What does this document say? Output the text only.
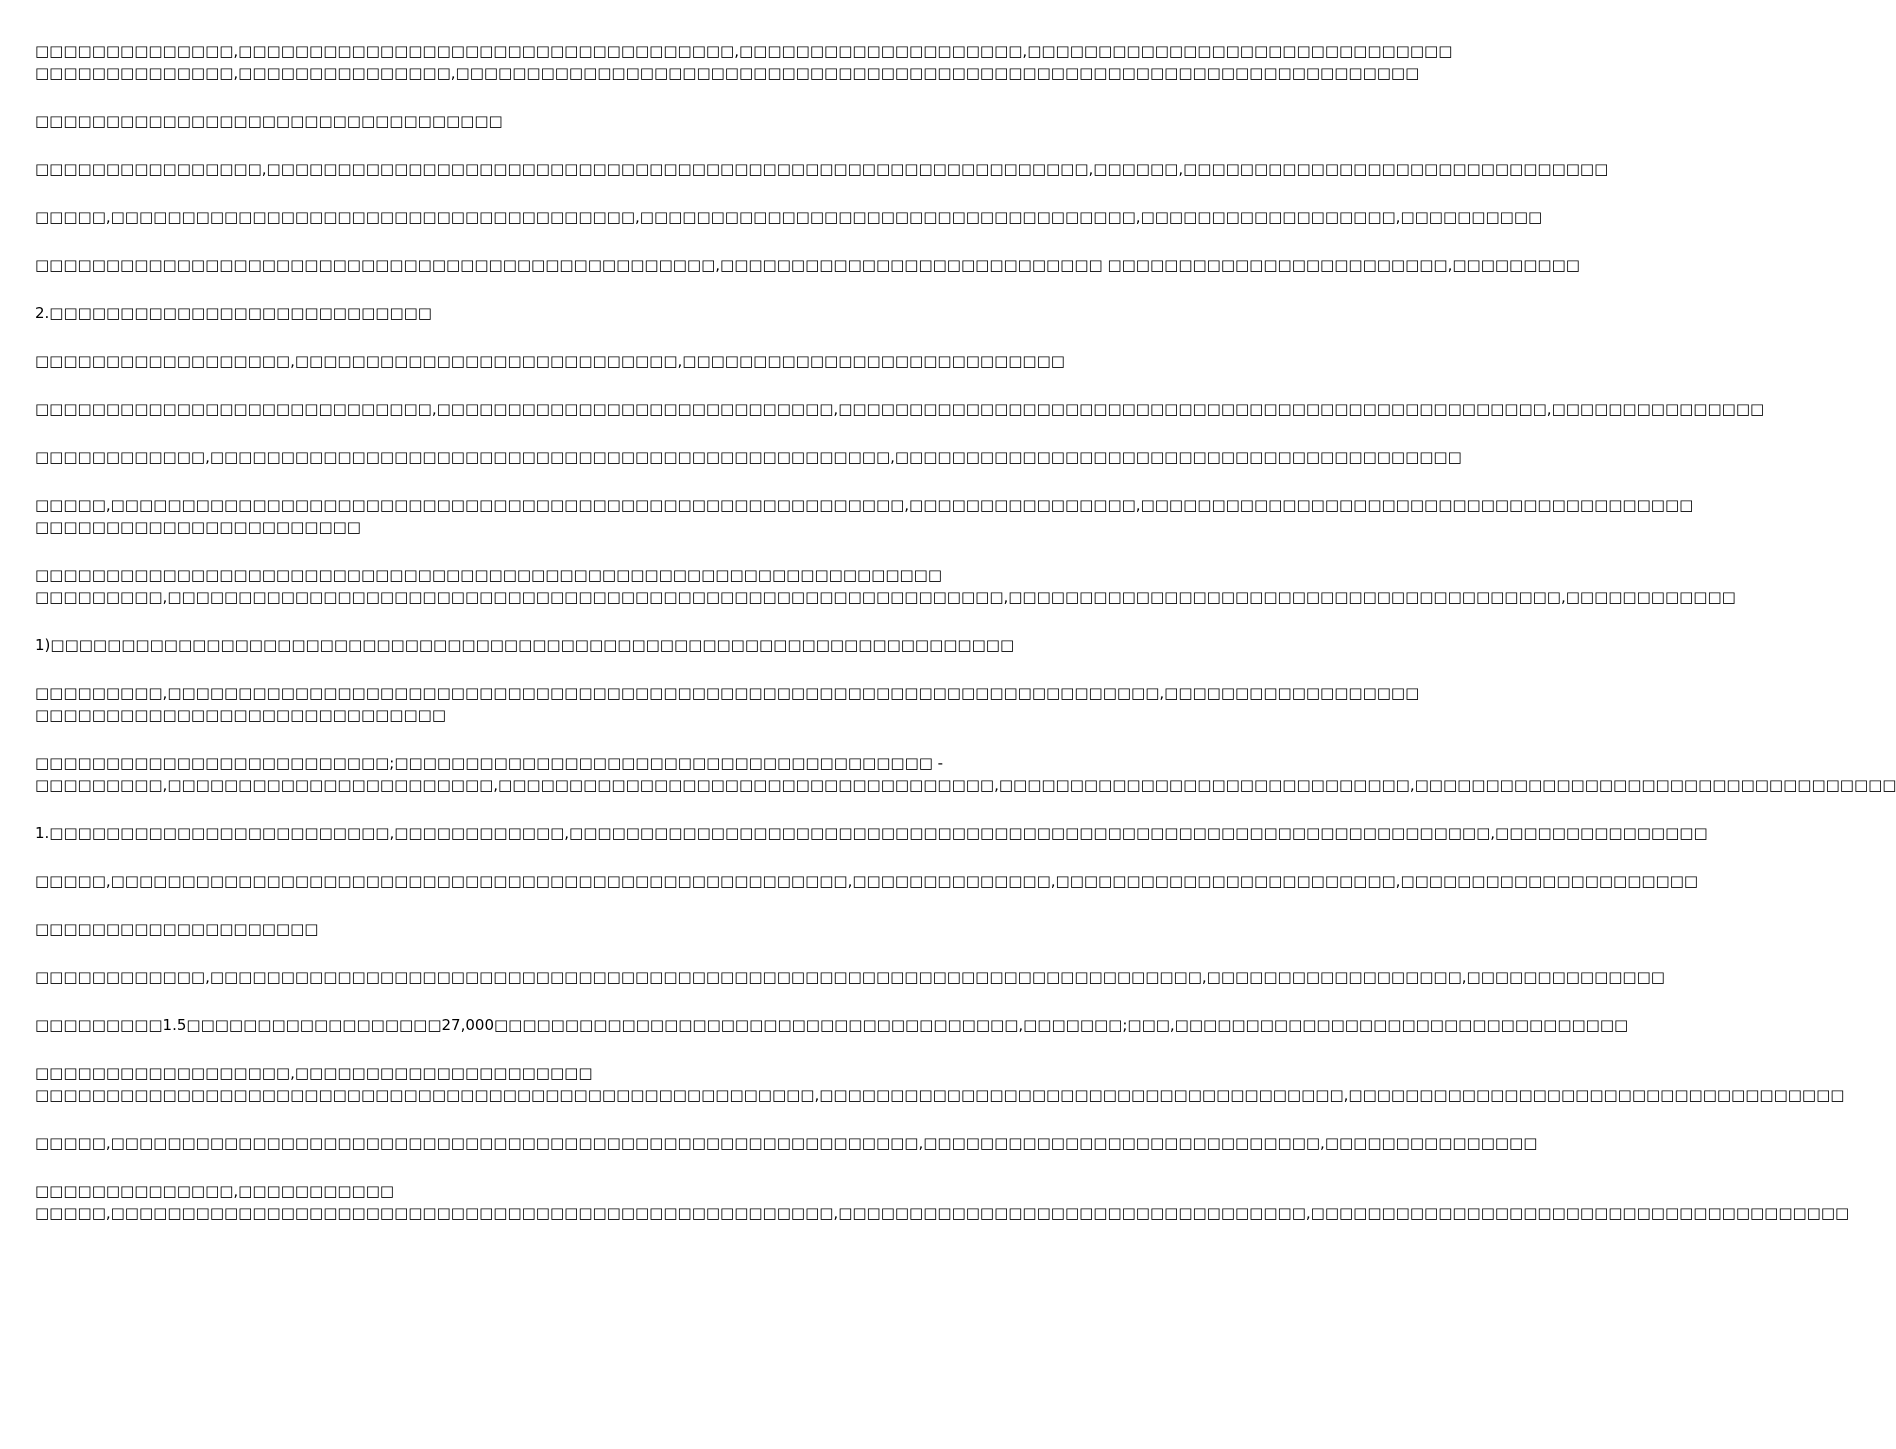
□□□□□□□□□□□□□□,□□□□□□□□□□□□□□□□□□□□□□□□□□□□□□□□□□□,□□□□□□□□□□□□□□□□□□□□,□□□□□□□□□□□□□□□□□□□□□□□□□□□□□□
□□□□□□□□□□□□□□,□□□□□□□□□□□□□□□,□□□□□□□□□□□□□□□□□□□□□□□□□□□□□□□□□□□□□□□□□□□□□□□□□□□□□□□□□□□□□□□□□□□□
□□□□□□□□□□□□□□□□□□□□□□□□□□□□□□□□□
□□□□□□□□□□□□□□□□,□□□□□□□□□□□□□□□□□□□□□□□□□□□□□□□□□□□□□□□□□□□□□□□□□□□□□□□□□□,□□□□□□,□□□□□□□□□□□□□□□□□□□□□□□□□□□□□□
□□□□□,□□□□□□□□□□□□□□□□□□□□□□□□□□□□□□□□□□□□□,□□□□□□□□□□□□□□□□□□□□□□□□□□□□□□□□□□□,□□□□□□□□□□□□□□□□□□,□□□□□□□□□□
□□□□□□□□□□□□□□□□□□□□□□□□□□□□□□□□□□□□□□□□□□□□□□□□,□□□□□□□□□□□□□□□□□□□□□□□□□□□ □□□□□□□□□□□□□□□□□□□□□□□□,□□□□□□□□□
2.□□□□□□□□□□□□□□□□□□□□□□□□□□□
□□□□□□□□□□□□□□□□□□,□□□□□□□□□□□□□□□□□□□□□□□□□□□,□□□□□□□□□□□□□□□□□□□□□□□□□□□
□□□□□□□□□□□□□□□□□□□□□□□□□□□□,□□□□□□□□□□□□□□□□□□□□□□□□□□□□,□□□□□□□□□□□□□□□□□□□□□□□□□□□□□□□□□□□□□□□□□□□□□□□□□□,□□□□□□□□□□□□□□□
□□□□□□□□□□□□,□□□□□□□□□□□□□□□□□□□□□□□□□□□□□□□□□□□□□□□□□□□□□□□□,□□□□□□□□□□□□□□□□□□□□□□□□□□□□□□□□□□□□□□□□
□□□□□,□□□□□□□□□□□□□□□□□□□□□□□□□□□□□□□□□□□□□□□□□□□□□□□□□□□□□□□□,□□□□□□□□□□□□□□□□,□□□□□□□□□□□□□□□□□□□□□□□□□□□□□□□□□□□□□□□
□□□□□□□□□□□□□□□□□□□□□□□
□□□□□□□□□□□□□□□□□□□□□□□□□□□□□□□□□□□□□□□□□□□□□□□□□□□□□□□□□□□□□□□□
□□□□□□□□□,□□□□□□□□□□□□□□□□□□□□□□□□□□□□□□□□□□□□□□□□□□□□□□□□□□□□□□□□□□□,□□□□□□□□□□□□□□□□□□□□□□□□□□□□□□□□□□□□□□□,□□□□□□□□□□□□
1)□□□□□□□□□□□□□□□□□□□□□□□□□□□□□□□□□□□□□□□□□□□□□□□□□□□□□□□□□□□□□□□□□□□□
□□□□□□□□□,□□□□□□□□□□□□□□□□□□□□□□□□□□□□□□□□□□□□□□□□□□□□□□□□□□□□□□□□□□□□□□□□□□□□□□,□□□□□□□□□□□□□□□□□□
□□□□□□□□□□□□□□□□□□□□□□□□□□□□□
□□□□□□□□□□□□□□□□□□□□□□□□□;□□□□□□□□□□□□□□□□□□□□□□□□□□□□□□□□□□□□□□ -
□□□□□□□□□,□□□□□□□□□□□□□□□□□□□□□□□,□□□□□□□□□□□□□□□□□□□□□□□□□□□□□□□□□□□,□□□□□□□□□□□□□□□□□□□□□□□□□□□□□,□□□□□□□□□□□□□□□□□□□□□□□□□□□□□□□□□□
1.□□□□□□□□□□□□□□□□□□□□□□□□,□□□□□□□□□□□□,□□□□□□□□□□□□□□□□□□□□□□□□□□□□□□□□□□□□□□□□□□□□□□□□□□□□□□□□□□□□□□□□□,□□□□□□□□□□□□□□□
□□□□□,□□□□□□□□□□□□□□□□□□□□□□□□□□□□□□□□□□□□□□□□□□□□□□□□□□□□,□□□□□□□□□□□□□□,□□□□□□□□□□□□□□□□□□□□□□□□,□□□□□□□□□□□□□□□□□□□□□
□□□□□□□□□□□□□□□□□□□□
□□□□□□□□□□□□,□□□□□□□□□□□□□□□□□□□□□□□□□□□□□□□□□□□□□□□□□□□□□□□□□□□□□□□□□□□□□□□□□□□□□□,□□□□□□□□□□□□□□□□□□,□□□□□□□□□□□□□□
□□□□□□□□□1.5□□□□□□□□□□□□□□□□□□27,000□□□□□□□□□□□□□□□□□□□□□□□□□□□□□□□□□□□□□,□□□□□□□;□□□,□□□□□□□□□□□□□□□□□□□□□□□□□□□□□□□□
□□□□□□□□□□□□□□□□□□,□□□□□□□□□□□□□□□□□□□□□
□□□□□□□□□□□□□□□□□□□□□□□□□□□□□□□□□□□□□□□□□□□□□□□□□□□□□□□,□□□□□□□□□□□□□□□□□□□□□□□□□□□□□□□□□□□□□,□□□□□□□□□□□□□□□□□□□□□□□□□□□□□□□□□□□
□□□□□,□□□□□□□□□□□□□□□□□□□□□□□□□□□□□□□□□□□□□□□□□□□□□□□□□□□□□□□□□,□□□□□□□□□□□□□□□□□□□□□□□□□□□□,□□□□□□□□□□□□□□□
□□□□□□□□□□□□□□,□□□□□□□□□□□
□□□□□,□□□□□□□□□□□□□□□□□□□□□□□□□□□□□□□□□□□□□□□□□□□□□□□□□□□,□□□□□□□□□□□□□□□□□□□□□□□□□□□□□□□□□,□□□□□□□□□□□□□□□□□□□□□□□□□□□□□□□□□□□□□□
